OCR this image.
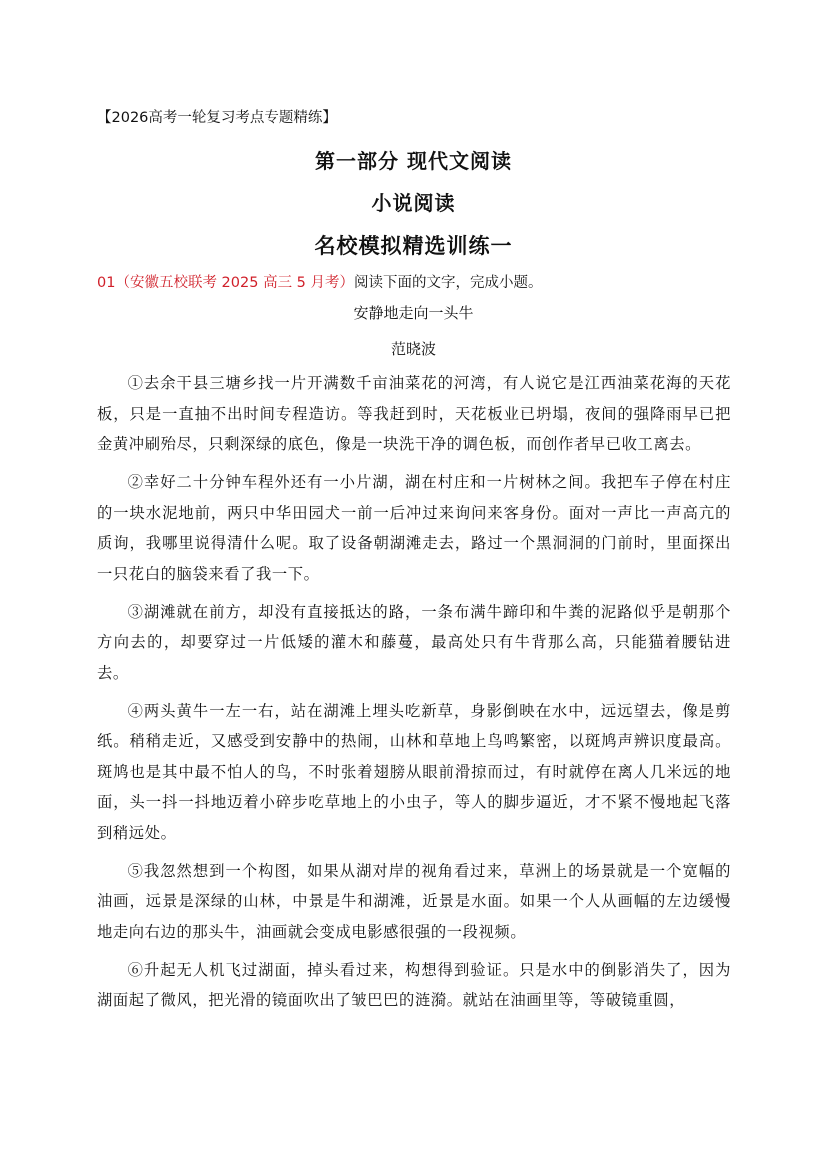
【2026高考一轮复习考点专题精练】
第一部分 现代文阅读
小说阅读
名校模拟精选训练一
01（安徽五校联考 2025 高三 5 月考）阅读下面的文字，完成小题。
安静地走向一头牛
范晓波

①去余干县三塘乡找一片开满数千亩油菜花的河湾，有人说它是江西油菜花海的天花板，只是一直抽不出时间专程造访。等我赶到时，天花板业已坍塌，夜间的强降雨早已把金黄冲刷殆尽，只剩深绿的底色，像是一块洗干净的调色板，而创作者早已收工离去。

②幸好二十分钟车程外还有一小片湖，湖在村庄和一片树林之间。我把车子停在村庄的一块水泥地前，两只中华田园犬一前一后冲过来询问来客身份。面对一声比一声高亢的质询，我哪里说得清什么呢。取了设备朝湖滩走去，路过一个黑洞洞的门前时，里面探出一只花白的脑袋来看了我一下。

③湖滩就在前方，却没有直接抵达的路，一条布满牛蹄印和牛粪的泥路似乎是朝那个方向去的，却要穿过一片低矮的灌木和藤蔓，最高处只有牛背那么高，只能猫着腰钻进去。

④两头黄牛一左一右，站在湖滩上埋头吃新草，身影倒映在水中，远远望去，像是剪纸。稍稍走近，又感受到安静中的热闹，山林和草地上鸟鸣繁密，以斑鸠声辨识度最高。斑鸠也是其中最不怕人的鸟，不时张着翅膀从眼前滑掠而过，有时就停在离人几米远的地面，头一抖一抖地迈着小碎步吃草地上的小虫子，等人的脚步逼近，才不紧不慢地起飞落到稍远处。

⑤我忽然想到一个构图，如果从湖对岸的视角看过来，草洲上的场景就是一个宽幅的油画，远景是深绿的山林，中景是牛和湖滩，近景是水面。如果一个人从画幅的左边缓慢地走向右边的那头牛，油画就会变成电影感很强的一段视频。

⑥升起无人机飞过湖面，掉头看过来，构想得到验证。只是水中的倒影消失了，因为湖面起了微风，把光滑的镜面吹出了皱巴巴的涟漪。就站在油画里等，等破镜重圆，
